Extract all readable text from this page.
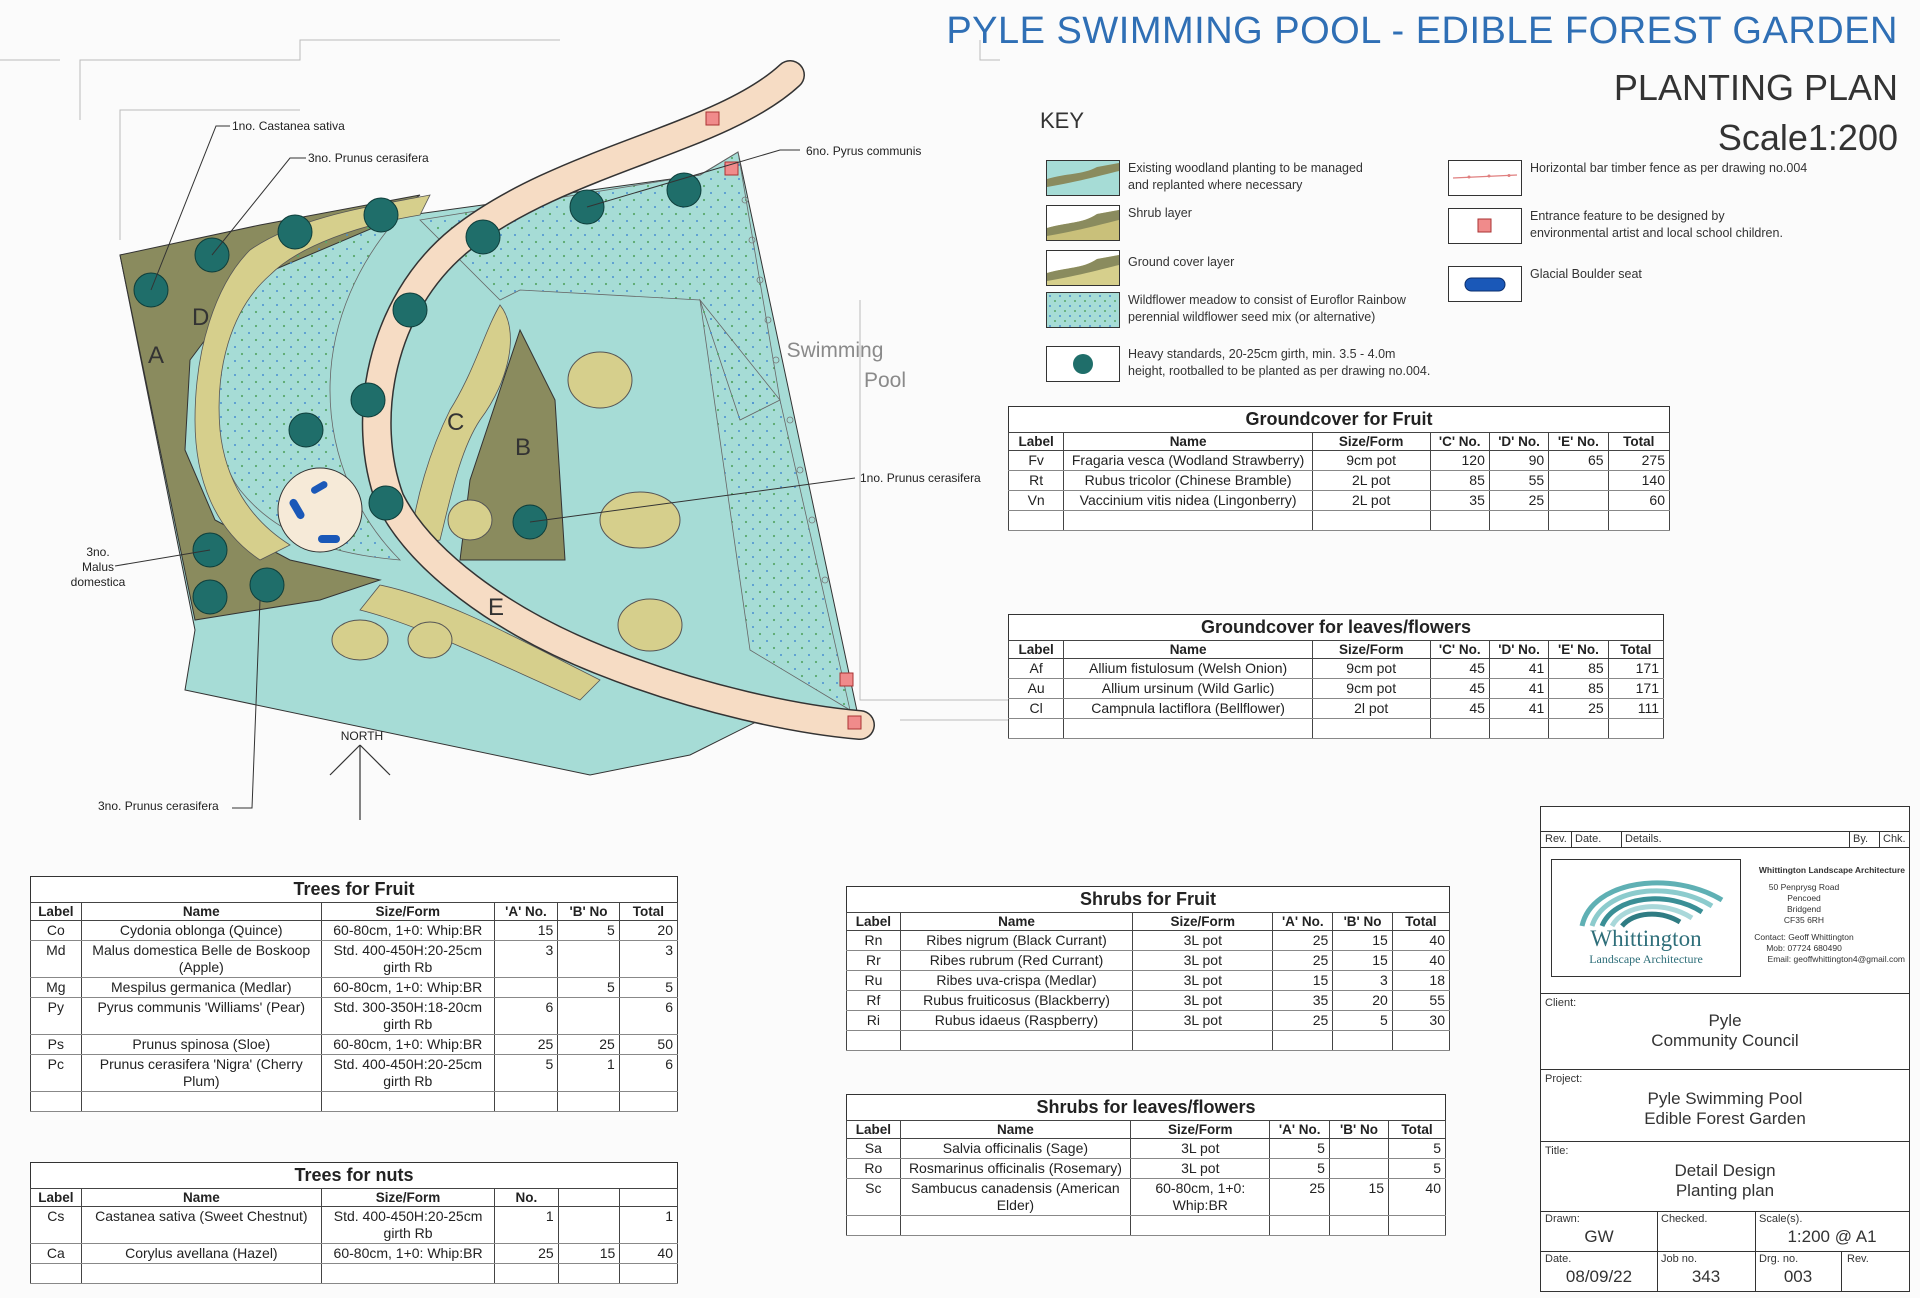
PYLE SWIMMING POOL - EDIBLE FOREST GARDEN
PLANTING PLAN
Scale1:200
A
B
C
D
E
Swimming
Pool
1no. Castanea sativa
3no. Prunus cerasifera	6no. Pyrus communis
1no. Prunus cerasifera
3no.
Malus
domestica
3no. Prunus cerasifera
NORTH
KEY
Existing woodland planting to be managed
and replanted where necessary
Shrub layer
Ground cover layer
Wildflower meadow to consist of Euroflor Rainbow
perennial wildflower seed mix (or alternative)
Heavy standards, 20-25cm girth, min. 3.5 - 4.0m
height, rootballed to be planted as per drawing no.004.
Horizontal bar timber fence as per drawing no.004
Entrance feature to be designed by
environmental artist and local school children.
Glacial Boulder seat
Groundcover for Fruit
Label	Name	Size/Form	'C' No.	'D' No.	'E' No.	Total
Fv	Fragaria vesca (Wodland Strawberry)	9cm pot	120	90	65	275
Rt	Rubus tricolor (Chinese Bramble)	2L pot	85	55		140
Vn	Vaccinium vitis nidea (Lingonberry)	2L pot	35	25		60

Groundcover for leaves/flowers
Label	Name	Size/Form	'C' No.	'D' No.	'E' No.	Total
Af	Allium fistulosum (Welsh Onion)	9cm pot	45	41	85	171
Au	Allium ursinum (Wild Garlic)	9cm pot	45	41	85	171
Cl	Campnula lactiflora (Bellflower)	2l pot	45	41	25	111

Trees for Fruit
Label	Name	Size/Form	'A' No.	'B' No	Total
Co	Cydonia oblonga (Quince)	60-80cm, 1+0: Whip:BR	15	5	20
Md	Malus domestica Belle de Boskoop (Apple)	Std. 400-450H:20-25cm girth Rb	3		3
Mg	Mespilus germanica (Medlar)	60-80cm, 1+0: Whip:BR		5	5
Py	Pyrus communis 'Williams' (Pear)	Std. 300-350H:18-20cm girth Rb	6		6
Ps	Prunus spinosa (Sloe)	60-80cm, 1+0: Whip:BR	25	25	50
Pc	Prunus cerasifera 'Nigra' (Cherry Plum)	Std. 400-450H:20-25cm girth Rb	5	1	6

Trees for nuts
Label	Name	Size/Form	No.		
Cs	Castanea sativa (Sweet Chestnut)	Std. 400-450H:20-25cm girth Rb	1		1
Ca	Corylus avellana (Hazel)	60-80cm, 1+0: Whip:BR	25	15	40

Shrubs for Fruit
Label	Name	Size/Form	'A' No.	'B' No	Total
Rn	Ribes nigrum (Black Currant)	3L pot	25	15	40
Rr	Ribes rubrum (Red Currant)	3L pot	25	15	40
Ru	Ribes uva-crispa (Medlar)	3L pot	15	3	18
Rf	Rubus fruiticosus (Blackberry)	3L pot	35	20	55
Ri	Rubus idaeus (Raspberry)	3L pot	25	5	30

Shrubs for leaves/flowers
Label	Name	Size/Form	'A' No.	'B' No	Total
Sa	Salvia officinalis (Sage)	3L pot	5		5
Ro	Rosmarinus officinalis (Rosemary)	3L pot	5		5
Sc	Sambucus canadensis (American Elder)	60-80cm, 1+0: Whip:BR	25	15	40

Rev. Date. Details.	By. Chk.
Whittington
Landscape Architecture
Whittington Landscape Architecture
50 Penprysg Road
Pencoed
Bridgend
CF35 6RH
Contact: Geoff Whittington
Mob: 07724 680490
Email: geoffwhittington4@gmail.com
Client:
Pyle
Community Council
Project:
Pyle Swimming Pool
Edible Forest Garden
Title:
Detail Design
Planting plan
Drawn:
GW
Checked.	Scale(s).
1:200 @ A1
Date.
08/09/22
Job no.
343
Drg. no.
003
Rev.
